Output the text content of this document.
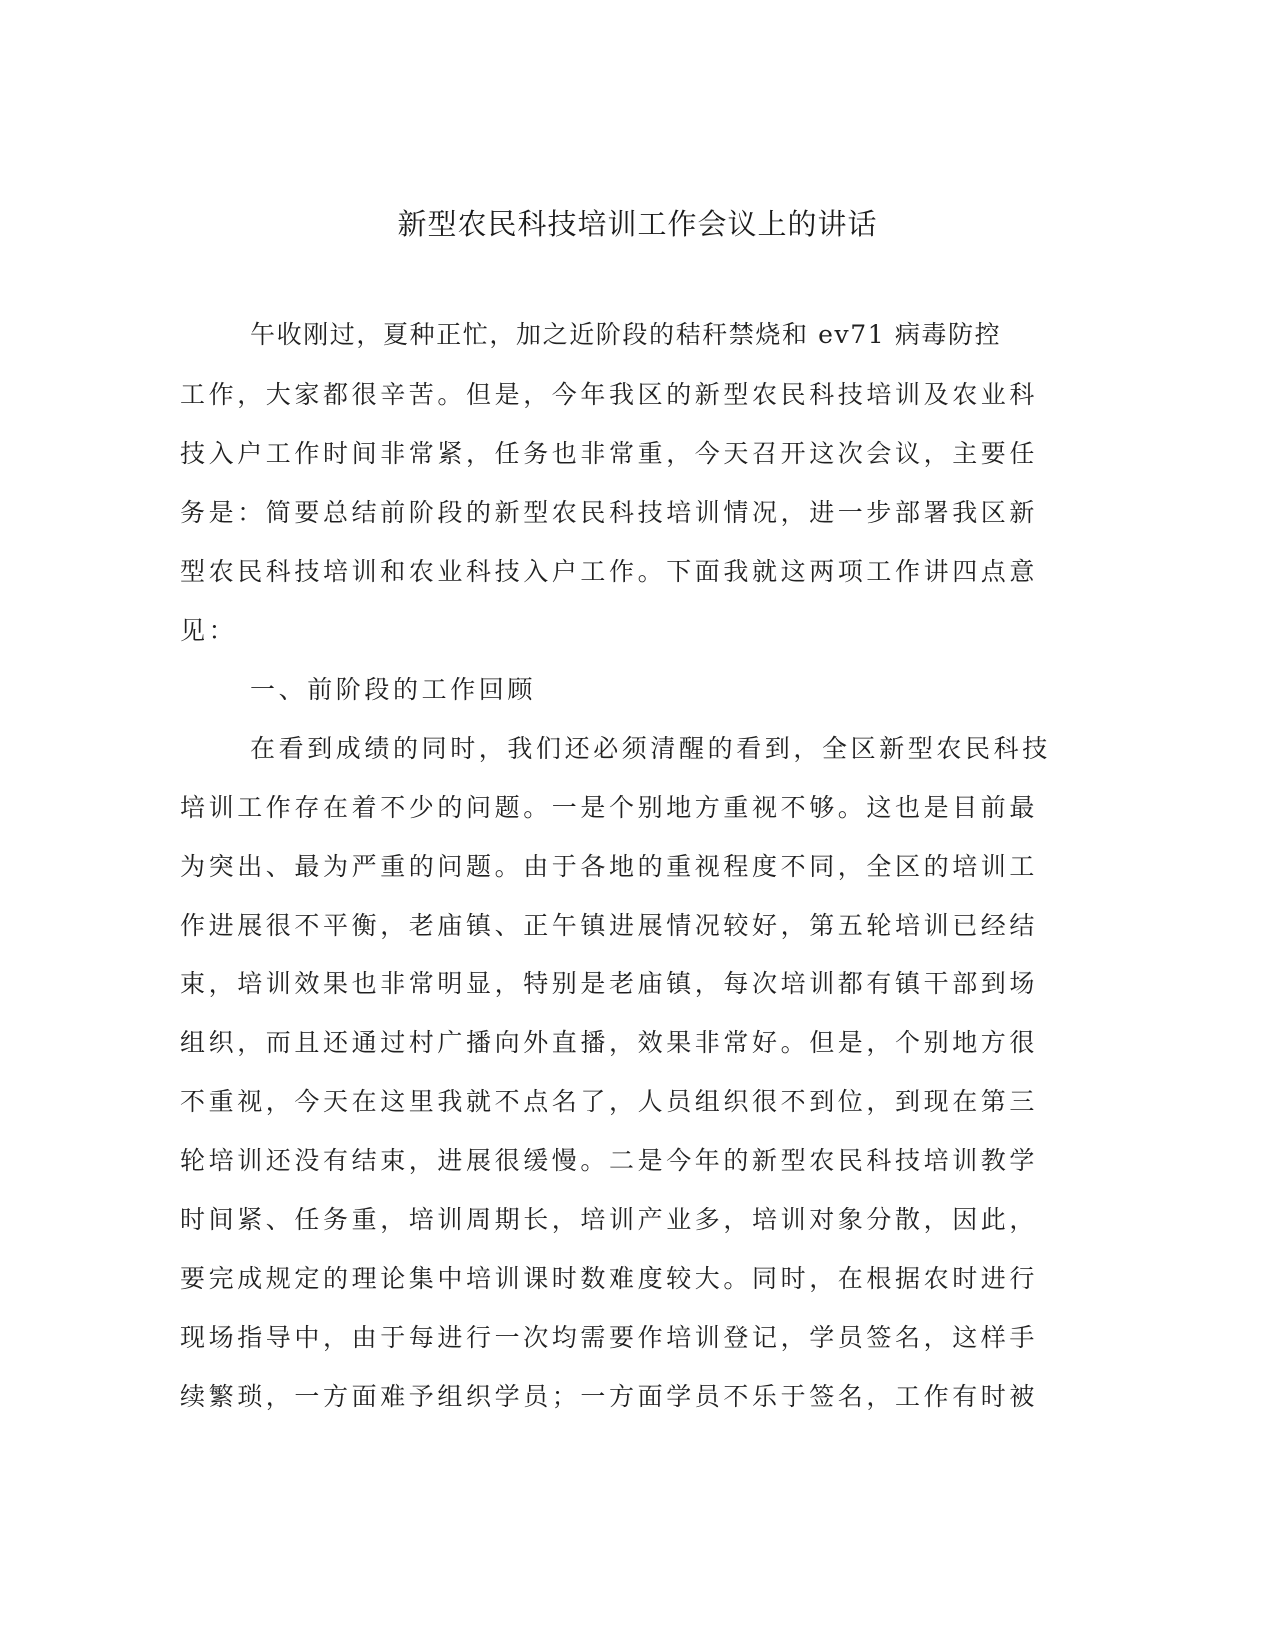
新型农民科技培训工作会议上的讲话
午收刚过，夏种正忙，加之近阶段的秸秆禁烧和 ev71 病毒防控
工作，大家都很辛苦。但是，今年我区的新型农民科技培训及农业科
技入户工作时间非常紧，任务也非常重，今天召开这次会议，主要任
务是：简要总结前阶段的新型农民科技培训情况，进一步部署我区新
型农民科技培训和农业科技入户工作。下面我就这两项工作讲四点意
见：
一、前阶段的工作回顾
在看到成绩的同时，我们还必须清醒的看到，全区新型农民科技
培训工作存在着不少的问题。一是个别地方重视不够。这也是目前最
为突出、最为严重的问题。由于各地的重视程度不同，全区的培训工
作进展很不平衡，老庙镇、正午镇进展情况较好，第五轮培训已经结
束，培训效果也非常明显，特别是老庙镇，每次培训都有镇干部到场
组织，而且还通过村广播向外直播，效果非常好。但是，个别地方很
不重视，今天在这里我就不点名了，人员组织很不到位，到现在第三
轮培训还没有结束，进展很缓慢。二是今年的新型农民科技培训教学
时间紧、任务重，培训周期长，培训产业多，培训对象分散，因此，
要完成规定的理论集中培训课时数难度较大。同时，在根据农时进行
现场指导中，由于每进行一次均需要作培训登记，学员签名，这样手
续繁琐，一方面难予组织学员；一方面学员不乐于签名，工作有时被
